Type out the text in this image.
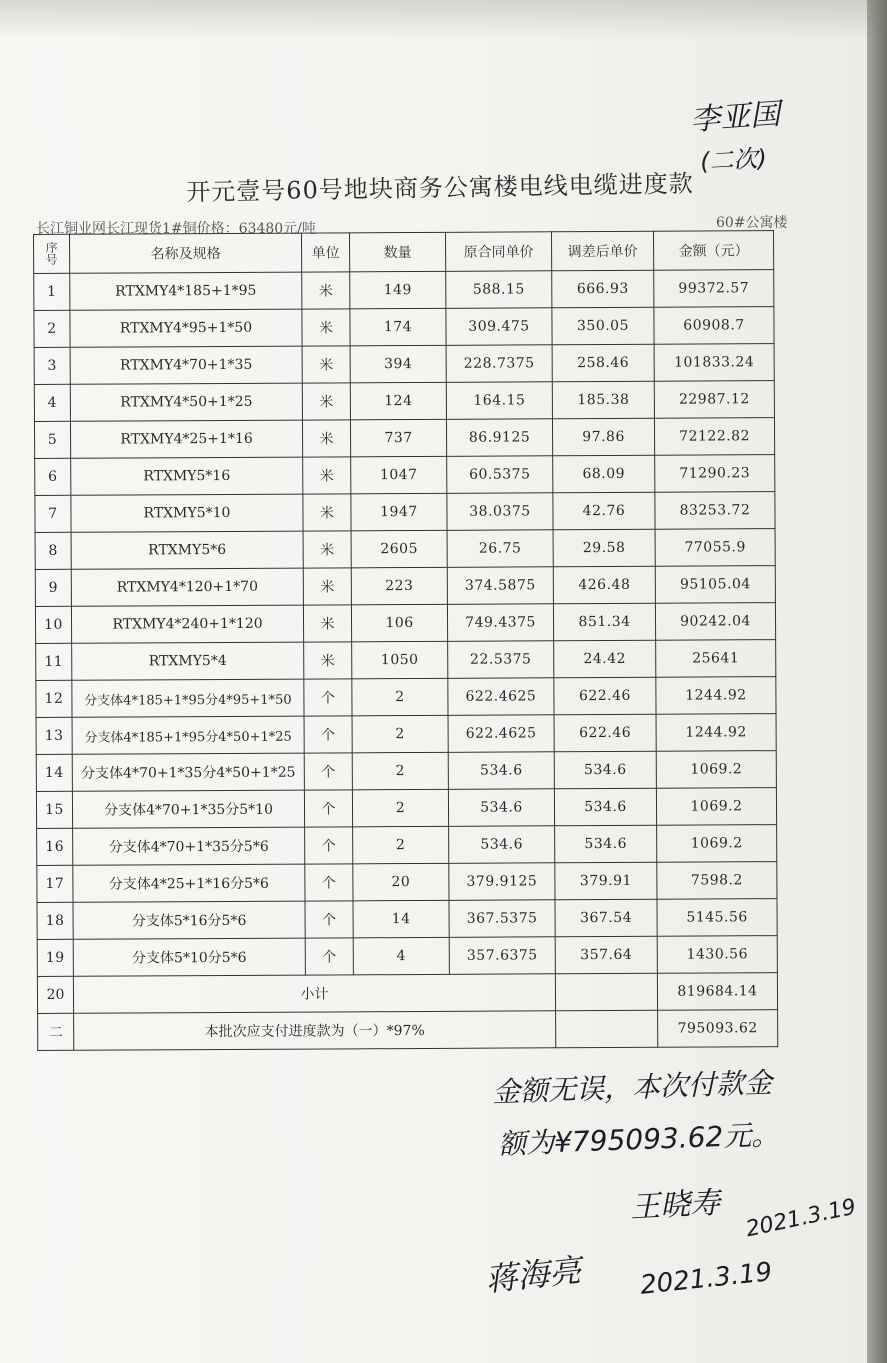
李亚国
(二次)
开元壹号60号地块商务公寓楼电线电缆进度款
长江铜业网长江现货1#铜价格：63480元/吨	60#公寓楼
序号	名称及规格	单位	数量	原合同单价	调差后单价	金额（元）
1	RTXMY4*185+1*95	米	149	588.15	666.93	99372.57
2	RTXMY4*95+1*50	米	174	309.475	350.05	60908.7
3	RTXMY4*70+1*35	米	394	228.7375	258.46	101833.24
4	RTXMY4*50+1*25	米	124	164.15	185.38	22987.12
5	RTXMY4*25+1*16	米	737	86.9125	97.86	72122.82
6	RTXMY5*16	米	1047	60.5375	68.09	71290.23
7	RTXMY5*10	米	1947	38.0375	42.76	83253.72
8	RTXMY5*6	米	2605	26.75	29.58	77055.9
9	RTXMY4*120+1*70	米	223	374.5875	426.48	95105.04
10	RTXMY4*240+1*120	米	106	749.4375	851.34	90242.04
11	RTXMY5*4	米	1050	22.5375	24.42	25641
12	分支体4*185+1*95分4*95+1*50	个	2	622.4625	622.46	1244.92
13	分支体4*185+1*95分4*50+1*25	个	2	622.4625	622.46	1244.92
14	分支体4*70+1*35分4*50+1*25	个	2	534.6	534.6	1069.2
15	分支体4*70+1*35分5*10	个	2	534.6	534.6	1069.2
16	分支体4*70+1*35分5*6	个	2	534.6	534.6	1069.2
17	分支体4*25+1*16分5*6	个	20	379.9125	379.91	7598.2
18	分支体5*16分5*6	个	14	367.5375	367.54	5145.56
19	分支体5*10分5*6	个	4	357.6375	357.64	1430.56
20	小计					819684.14
二	本批次应支付进度款为（一）*97%					795093.62
金额无误，本次付款金
额为¥795093.62元。
王晓寿 2021.3.19
蒋海亮 2021.3.19
